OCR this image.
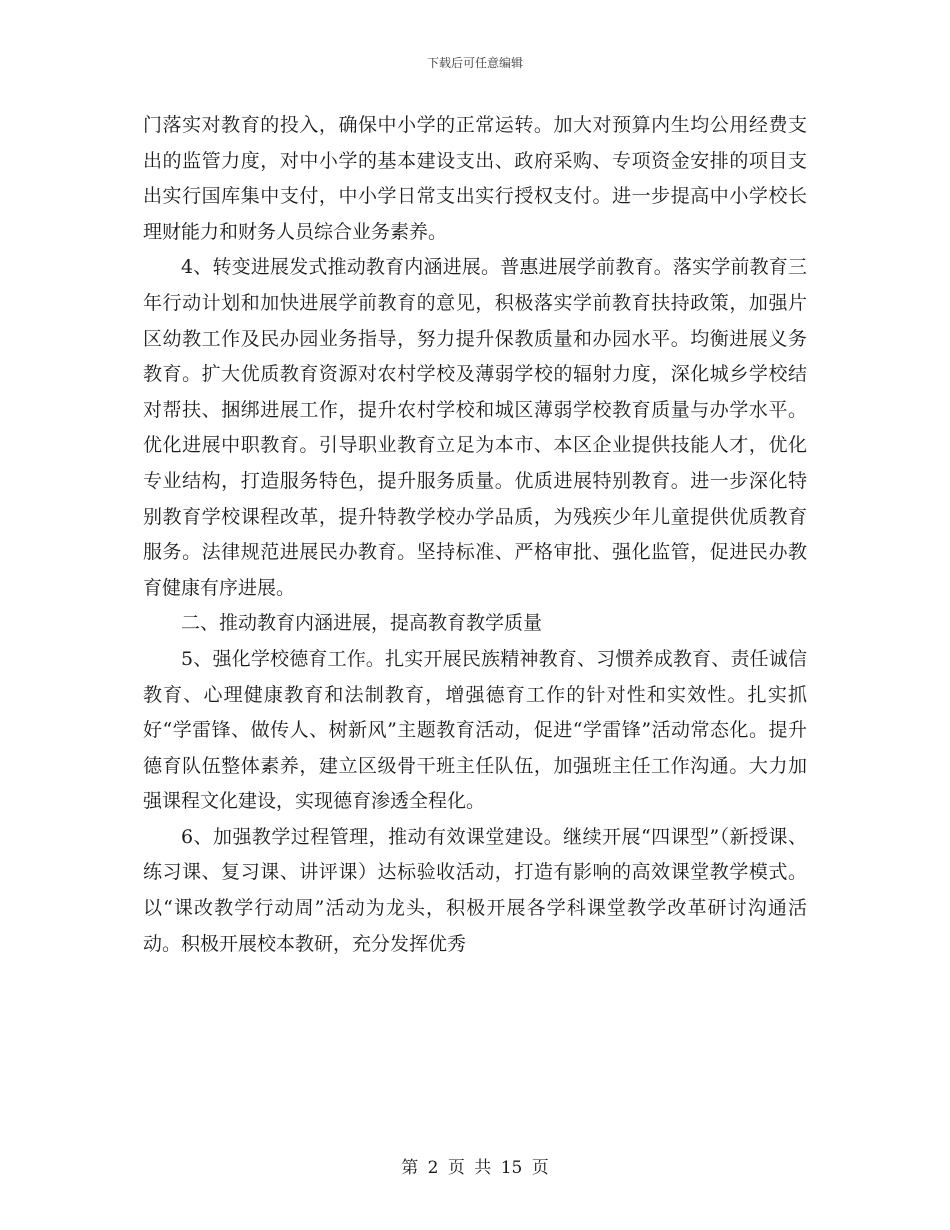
下载后可任意编辑

门落实对教育的投入，确保中小学的正常运转。加大对预算内生均公用经费支出的监管力度，对中小学的基本建设支出、政府采购、专项资金安排的项目支出实行国库集中支付，中小学日常支出实行授权支付。进一步提高中小学校长理财能力和财务人员综合业务素养。

4、转变进展发式推动教育内涵进展。普惠进展学前教育。落实学前教育三年行动计划和加快进展学前教育的意见，积极落实学前教育扶持政策，加强片区幼教工作及民办园业务指导，努力提升保教质量和办园水平。均衡进展义务教育。扩大优质教育资源对农村学校及薄弱学校的辐射力度，深化城乡学校结对帮扶、捆绑进展工作，提升农村学校和城区薄弱学校教育质量与办学水平。优化进展中职教育。引导职业教育立足为本市、本区企业提供技能人才，优化专业结构，打造服务特色，提升服务质量。优质进展特别教育。进一步深化特别教育学校课程改革，提升特教学校办学品质，为残疾少年儿童提供优质教育服务。法律规范进展民办教育。坚持标准、严格审批、强化监管，促进民办教育健康有序进展。

二、推动教育内涵进展，提高教育教学质量

5、强化学校德育工作。扎实开展民族精神教育、习惯养成教育、责任诚信教育、心理健康教育和法制教育，增强德育工作的针对性和实效性。扎实抓好“学雷锋、做传人、树新风”主题教育活动，促进“学雷锋”活动常态化。提升德育队伍整体素养，建立区级骨干班主任队伍，加强班主任工作沟通。大力加强课程文化建设，实现德育渗透全程化。

6、加强教学过程管理，推动有效课堂建设。继续开展“四课型”（新授课、练习课、复习课、讲评课）达标验收活动，打造有影响的高效课堂教学模式。以“课改教学行动周”活动为龙头，积极开展各学科课堂教学改革研讨沟通活动。积极开展校本教研，充分发挥优秀

第 2 页 共 15 页
